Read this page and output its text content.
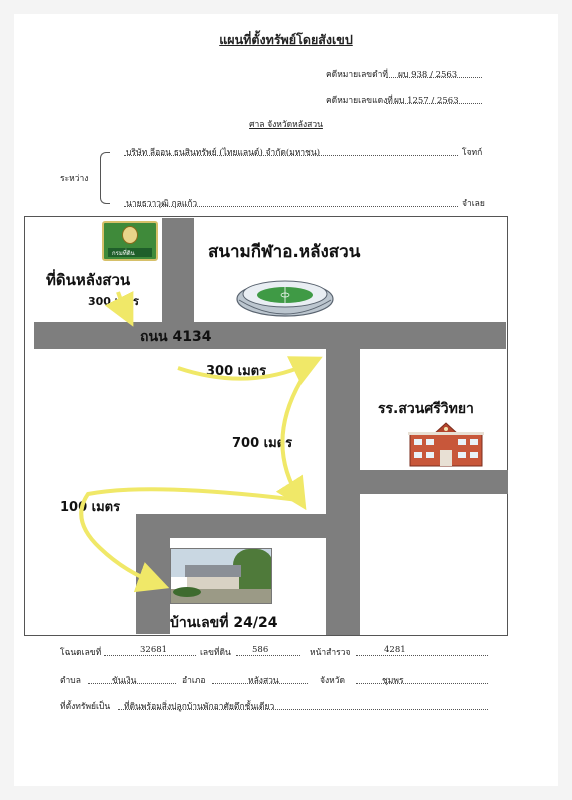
แผนที่ตั้งทรัพย์โดยสังเขป
คดีหมายเลขดำที่ ผบ 938 / 2563
คดีหมายเลขแดงที่ ผบ 1257 / 2563
ศาล จังหวัดหลังสวน
ระหว่าง
บริษัท ลีออน ธนสินทรัพย์ (ไทยแลนด์) จำกัด(มหาชน)	โจทก์
นายธวาวุฒิ กุลแก้ว	จำเลย
กรมที่ดิน
ที่ดินหลังสวน
300 เมตร
สนามกีฬาอ.หลังสวน
ถนน 4134
300 เมตร
700 เมตร
100 เมตร
รร.สวนศรีวิทยา
บ้านเลขที่ 24/24
โฉนดเลขที่	32681	เลขที่ดิน 586	หน้าสำรวจ	4281
ตำบล	ขันเงิน	อำเภอ	หลังสวน	จังหวัด	ชุมพร
ที่ตั้งทรัพย์เป็น ที่ดินพร้อมสิ่งปลูกบ้านพักอาศัยตึกชั้นเดียว
